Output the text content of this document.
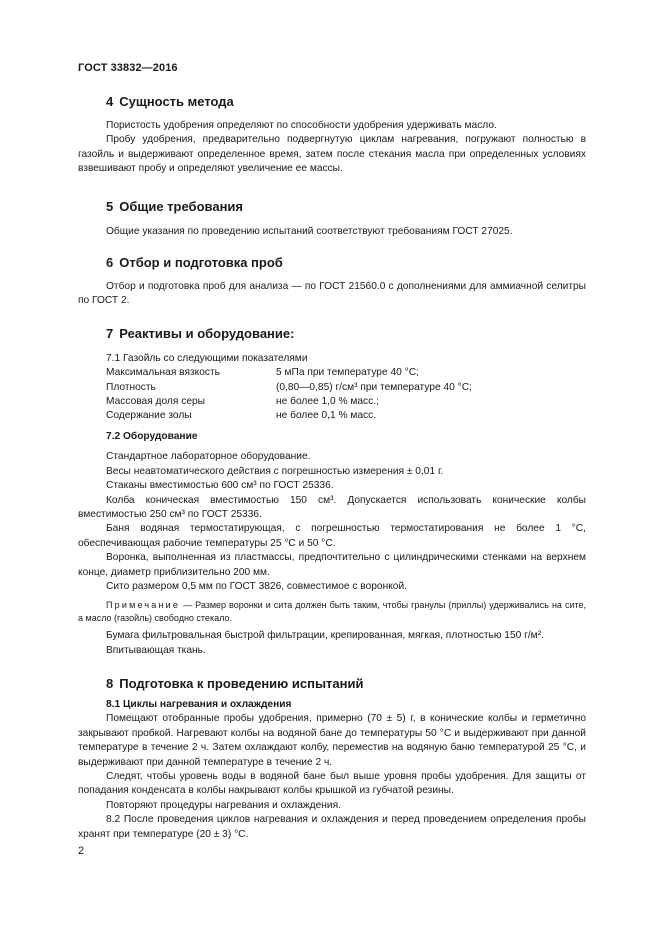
ГОСТ 33832—2016
4 Сущность метода

Пористость удобрения определяют по способности удобрения удерживать масло.

Пробу удобрения, предварительно подвергнутую циклам нагревания, погружают полностью в газойль и выдерживают определенное время, затем после стекания масла при определенных условиях взвешивают пробу и определяют увеличение ее массы.

5 Общие требования

Общие указания по проведению испытаний соответствуют требованиям ГОСТ 27025.

6 Отбор и подготовка проб

Отбор и подготовка проб для анализа — по ГОСТ 21560.0 с дополнениями для аммиачной селитры по ГОСТ 2.

7 Реактивы и оборудование:

7.1 Газойль со следующими показателями

Максимальная вязкость	5 мПа при температуре 40 °С;
Плотность	(0,80—0,85) г/см³ при температуре 40 °С;
Массовая доля серы	не более 1,0 % масс.;
Содержание золы	не более 0,1 % масс.
7.2 Оборудование

Стандартное лабораторное оборудование.

Весы неавтоматического действия с погрешностью измерения ± 0,01 г.

Стаканы вместимостью 600 см³ по ГОСТ 25336.

Колба коническая вместимостью 150 см³. Допускается использовать конические колбы вместимостью 250 см³ по ГОСТ 25336.

Баня водяная термостатирующая, с погрешностью термостатирования не более 1 °С, обеспечивающая рабочие температуры 25 °С и 50 °С.

Воронка, выполненная из пластмассы, предпочтительно с цилиндрическими стенками на верхнем конце, диаметр приблизительно 200 мм.

Сито размером 0,5 мм по ГОСТ 3826, совместимое с воронкой.

Примечание — Размер воронки и сита должен быть таким, чтобы гранулы (приллы) удерживались на сите, а масло (газойль) свободно стекало.

Бумага фильтровальная быстрой фильтрации, крепированная, мягкая, плотностью 150 г/м².

Впитывающая ткань.

8 Подготовка к проведению испытаний
8.1 Циклы нагревания и охлаждения

Помещают отобранные пробы удобрения, примерно (70 ± 5) г, в конические колбы и герметично закрывают пробкой. Нагревают колбы на водяной бане до температуры 50 °С и выдерживают при данной температуре в течение 2 ч. Затем охлаждают колбу, переместив на водяную баню температурой 25 °С, и выдерживают при данной температуре в течение 2 ч.

Следят, чтобы уровень воды в водяной бане был выше уровня пробы удобрения. Для защиты от попадания конденсата в колбы накрывают колбы крышкой из губчатой резины.

Повторяют процедуры нагревания и охлаждения.

8.2 После проведения циклов нагревания и охлаждения и перед проведением определения пробы хранят при температуре (20 ± 3) °С.

2
